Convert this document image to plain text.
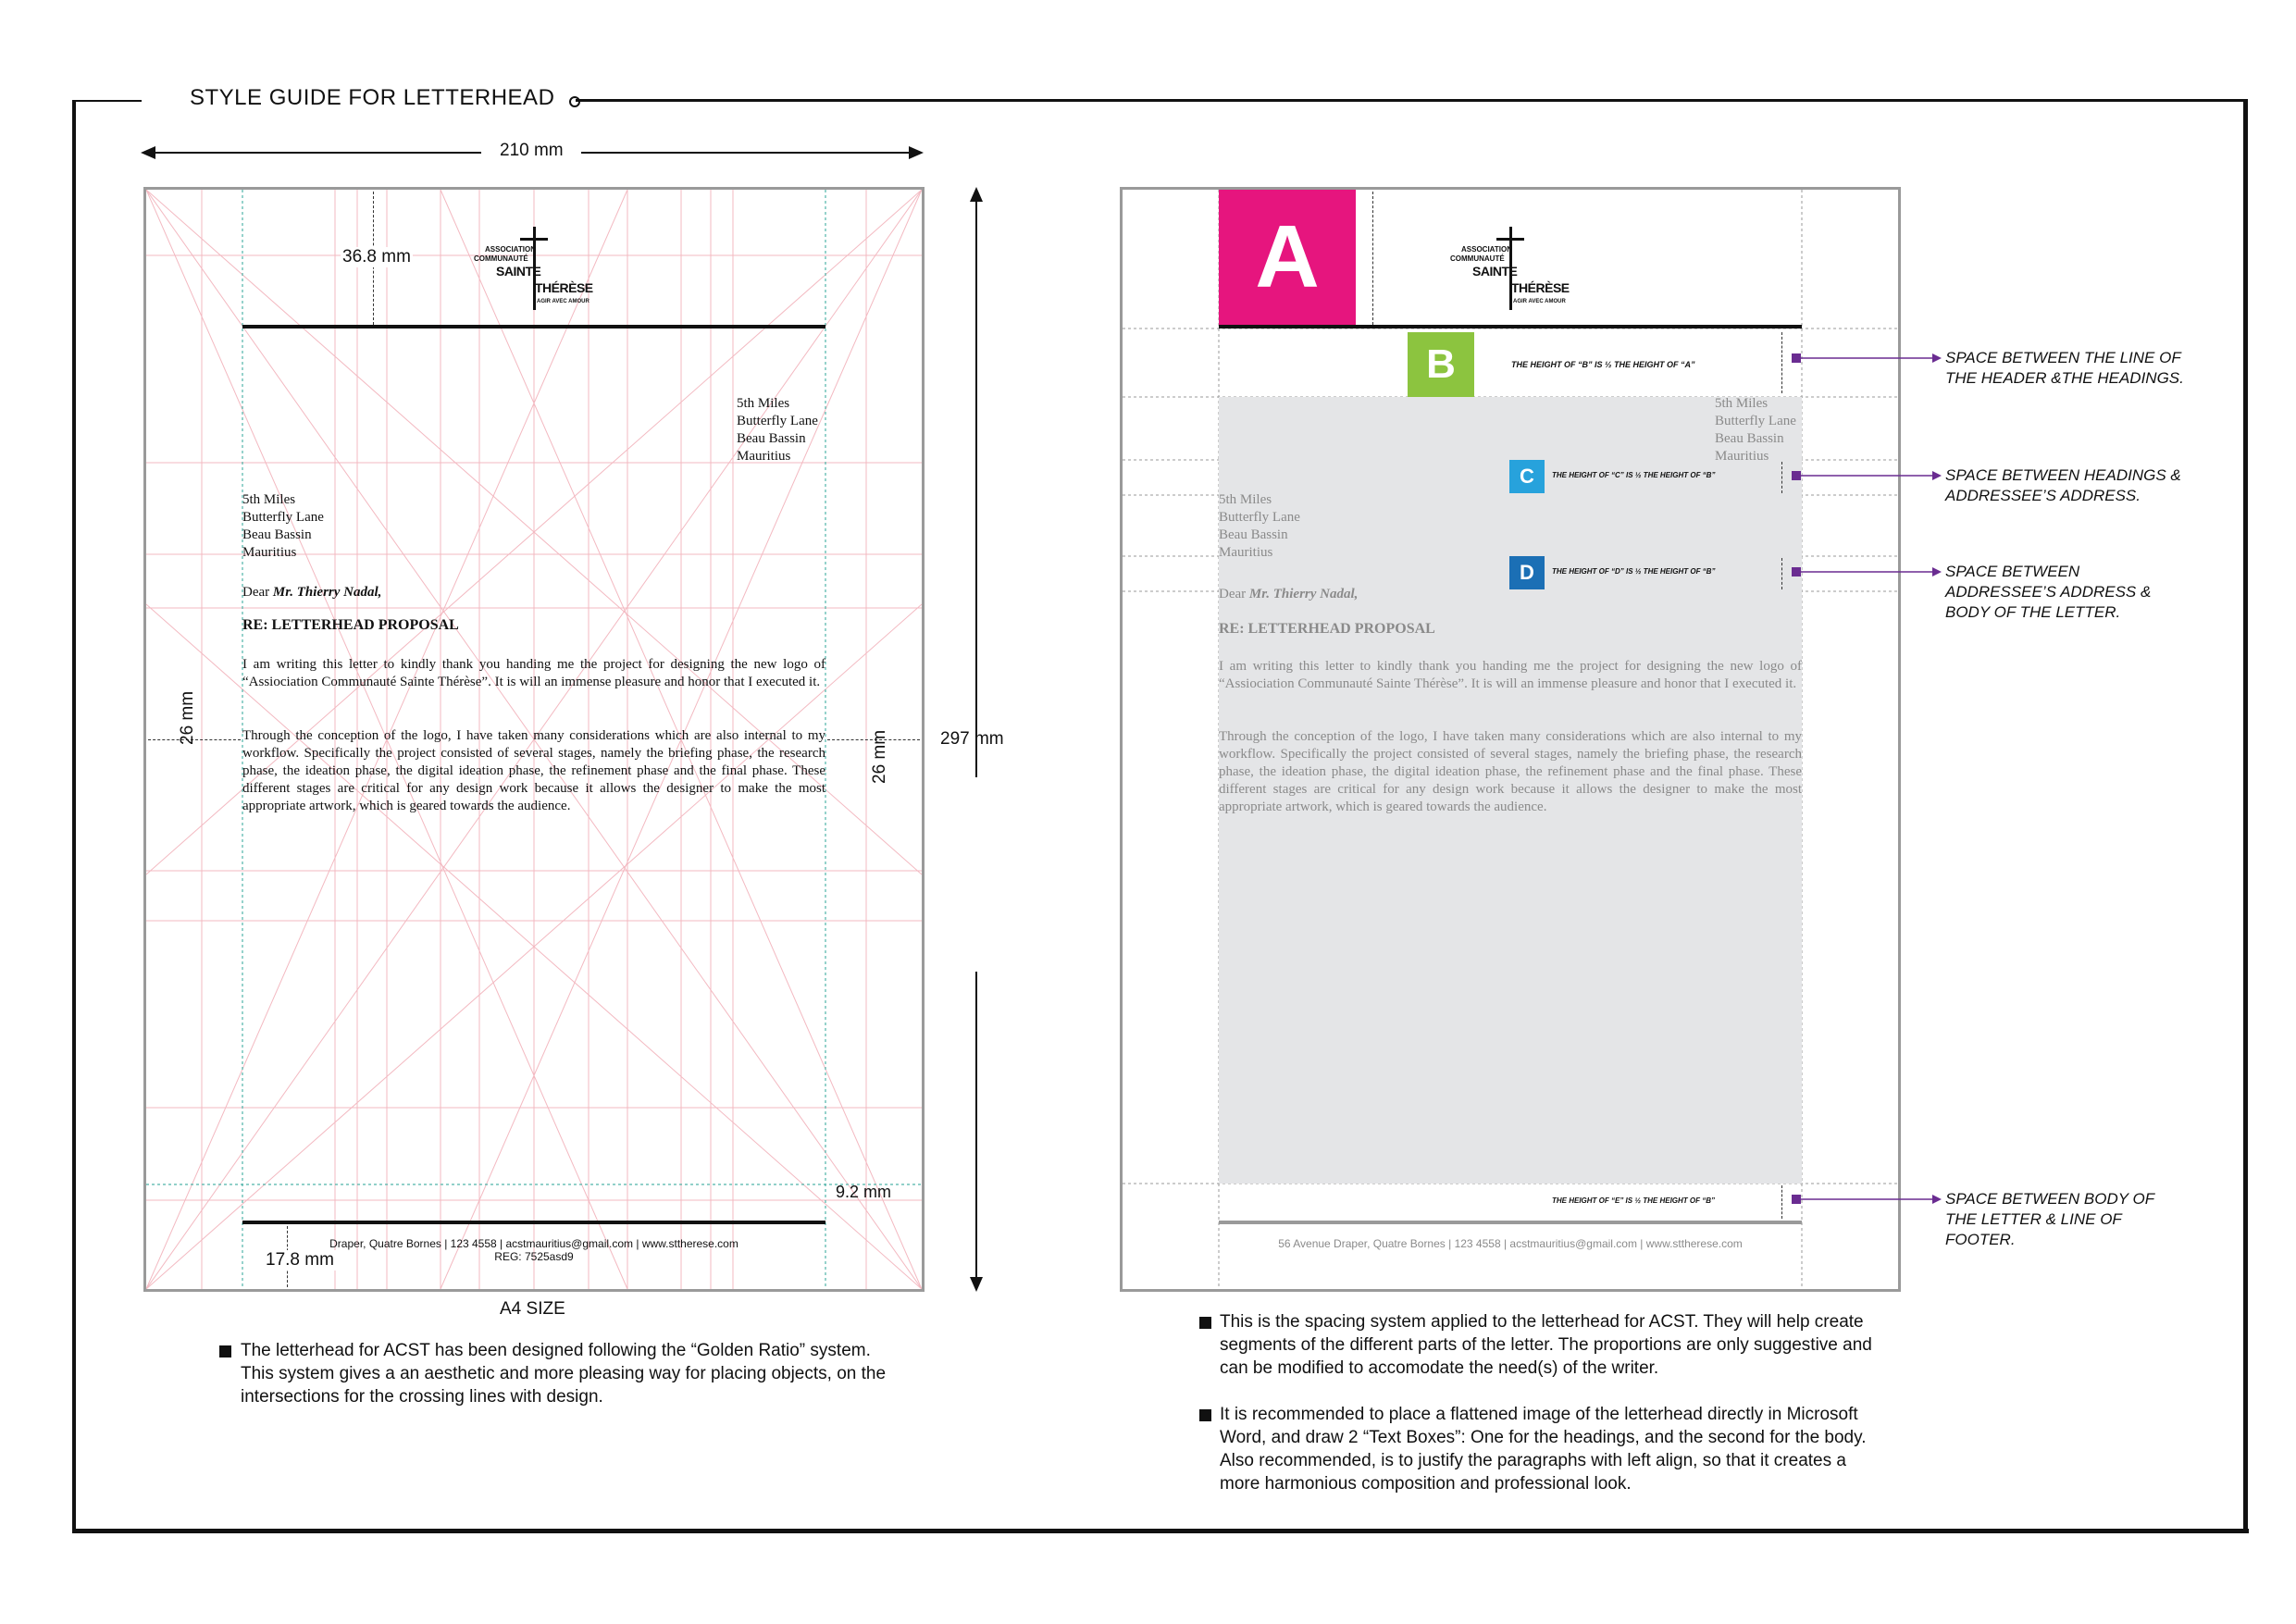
STYLE GUIDE FOR LETTERHEAD
210 mm
297 mm
ASSOCIATION
COMMUNAUTÉ
SAINTE
THÉRÈSE
AGIR AVEC AMOUR
36.8 mm
5th Miles
Butterfly Lane
Beau Bassin
Mauritius
5th Miles
Butterfly Lane
Beau Bassin
Mauritius
Dear Mr. Thierry Nadal,
RE: LETTERHEAD PROPOSAL
I am writing this letter to kindly thank you handing me the project for designing the new logo of “Assiociation Communauté Sainte Thérèse”. It is will an immense pleasure and honor that I executed it.
Through the conception of the logo, I have taken many considerations which are also internal to my workflow. Specifically the project consisted of several stages, namely the briefing phase, the research phase, the ideation phase, the digital ideation phase, the refinement phase and the final phase. These different stages are critical for any design work because it allows the designer to make the most appropriate artwork, which is geared towards the audience.
26 mm
26 mm
9.2 mm
17.8 mm
Draper, Quatre Bornes | 123 4558 | acstmauritius@gmail.com | www.sttherese.com
REG: 7525asd9
A4 SIZE
The letterhead for ACST has been designed following the “Golden Ratio” system. This system gives a an aesthetic and more pleasing way for placing objects, on the intersections for the crossing lines with design.
A	ASSOCIATION
COMMUNAUTÉ
SAINTE
THÉRÈSE
AGIR AVEC AMOUR
B	THE HEIGHT OF “B” IS ½ THE HEIGHT OF “A”
5th Miles
Butterfly Lane
Beau Bassin
Mauritius
C THE HEIGHT OF “C” IS ½ THE HEIGHT OF “B”
5th Miles
Butterfly Lane
Beau Bassin
Mauritius
D THE HEIGHT OF “D” IS ½ THE HEIGHT OF “B”
Dear Mr. Thierry Nadal,
RE: LETTERHEAD PROPOSAL
I am writing this letter to kindly thank you handing me the project for designing the new logo of “Assiociation Communauté Sainte Thérèse”. It is will an immense pleasure and honor that I executed it.
Through the conception of the logo, I have taken many considerations which are also internal to my workflow. Specifically the project consisted of several stages, namely the briefing phase, the research phase, the ideation phase, the digital ideation phase, the refinement phase and the final phase. These different stages are critical for any design work because it allows the designer to make the most appropriate artwork, which is geared towards the audience.
THE HEIGHT OF “E” IS ½ THE HEIGHT OF “B”
56 Avenue Draper, Quatre Bornes | 123 4558 | acstmauritius@gmail.com | www.sttherese.com
SPACE BETWEEN THE LINE OF THE HEADER &THE HEADINGS.
SPACE BETWEEN HEADINGS & ADDRESSEE’S ADDRESS.
SPACE BETWEEN ADDRESSEE’S ADDRESS & BODY OF THE LETTER.
SPACE BETWEEN BODY OF THE LETTER & LINE OF FOOTER.
This is the spacing system applied to the letterhead for ACST. They will help create segments of the different parts of the letter. The proportions are only suggestive and can be modified to accomodate the need(s) of the writer.
It is recommended to place a flattened image of the letterhead directly in Microsoft Word, and draw 2 “Text Boxes”: One for the headings, and the second for the body. Also recommended, is to justify the paragraphs with left align, so that it creates a more harmonious composition and professional look.
